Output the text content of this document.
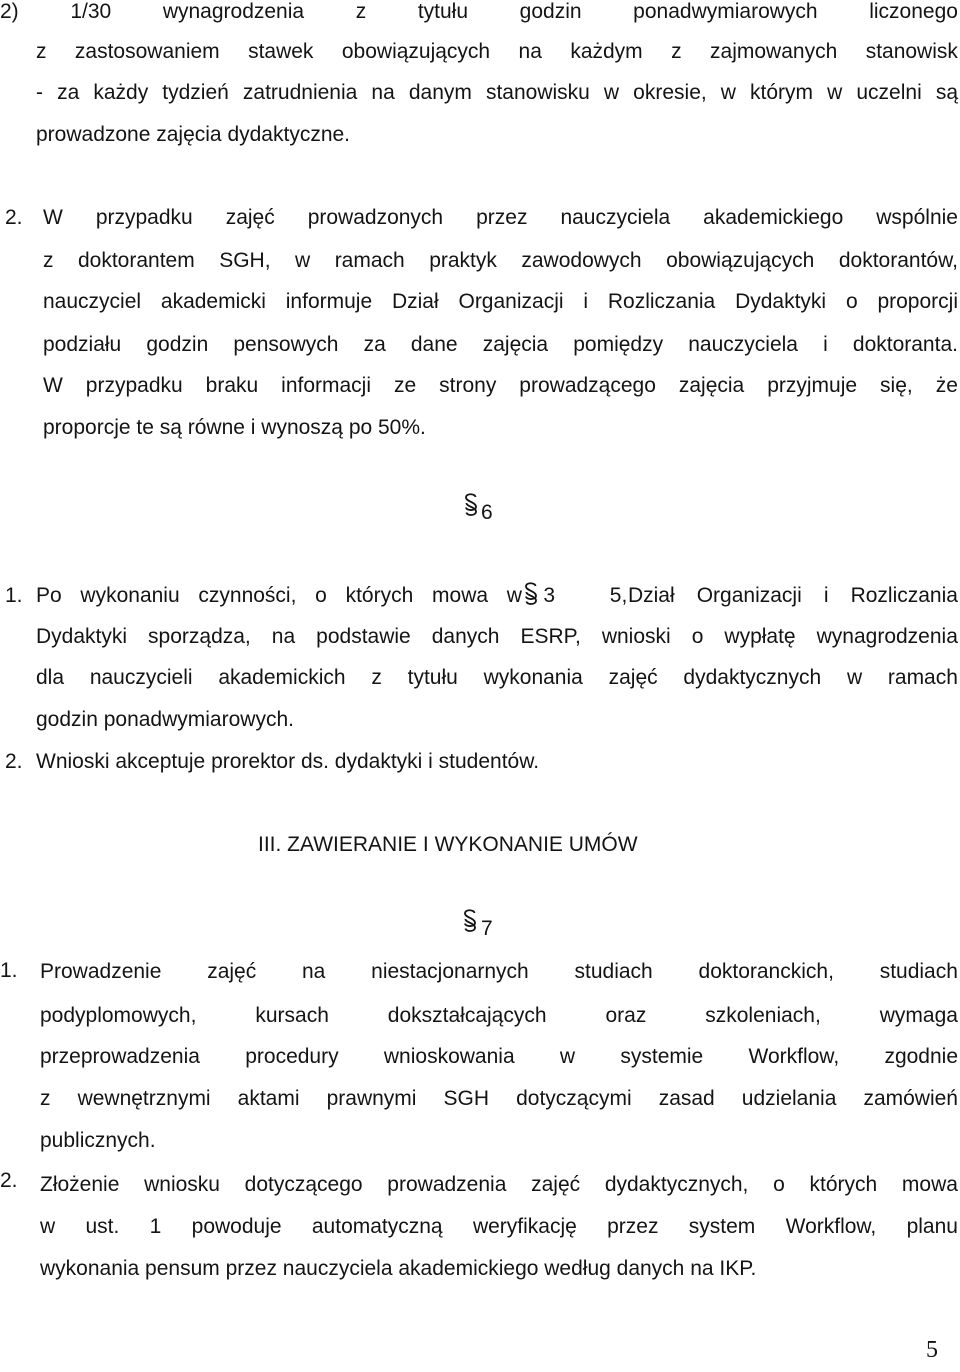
2) 1/30 wynagrodzenia z tytułu godzin ponadwymiarowych liczonego
z zastosowaniem stawek obowiązujących na każdym z zajmowanych stanowisk
- za każdy tydzień zatrudnienia na danym stanowisku w okresie, w którym w uczelni są
prowadzone zajęcia dydaktyczne.
2. W przypadku zajęć prowadzonych przez nauczyciela akademickiego wspólnie
z doktorantem SGH, w ramach praktyk zawodowych obowiązujących doktorantów,
nauczyciel akademicki informuje Dział Organizacji i Rozliczania Dydaktyki o proporcji
podziału godzin pensowych za dane zajęcia pomiędzy nauczyciela i doktoranta.
W przypadku braku informacji ze strony prowadzącego zajęcia przyjmuje się, że
proporcje te są równe i wynoszą po 50%.
6
1. Po wykonaniu czynności, o których mowa w 3	5, Dział Organizacji i Rozliczania
Dydaktyki sporządza, na podstawie danych ESRP, wnioski o wypłatę wynagrodzenia
dla nauczycieli akademickich z tytułu wykonania zajęć dydaktycznych w ramach
godzin ponadwymiarowych.
2. Wnioski akceptuje prorektor ds. dydaktyki i studentów.
III. ZAWIERANIE I WYKONANIE UMÓW
7
1. Prowadzenie zajęć na niestacjonarnych studiach doktoranckich, studiach
podyplomowych,	kursach	dokształcających	oraz	szkoleniach,	wymaga
przeprowadzenia procedury wnioskowania w systemie Workflow, zgodnie
z wewnętrznymi aktami prawnymi SGH dotyczącymi zasad udzielania zamówień
publicznych.
2. Złożenie wniosku dotyczącego prowadzenia zajęć dydaktycznych, o których mowa
w ust. 1 powoduje automatyczną weryfikację przez system Workflow, planu
wykonania pensum przez nauczyciela akademickiego według danych na IKP.
5
